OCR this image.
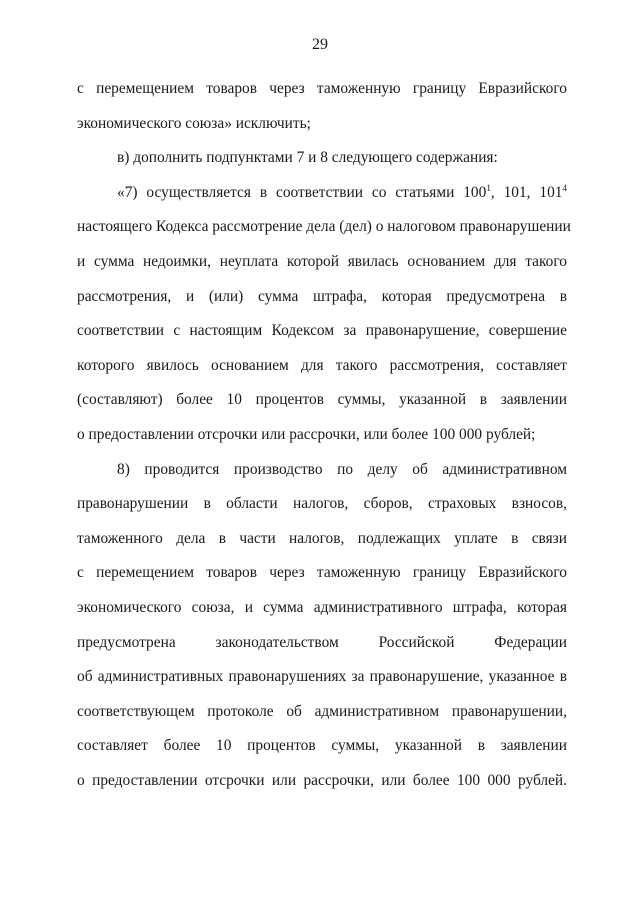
29
с перемещением товаров через таможенную границу Евразийского
экономического союза» исключить;
в) дополнить подпунктами 7 и 8 следующего содержания:
«7) осуществляется в соответствии со статьями $100^1$, 101, $101^4$
настоящего Кодекса рассмотрение дела (дел) о налоговом правонарушении
и сумма недоимки, неуплата которой явилась основанием для такого
рассмотрения, и (или) сумма штрафа, которая предусмотрена в
соответствии с настоящим Кодексом за правонарушение, совершение
которого явилось основанием для такого рассмотрения, составляет
(составляют) более 10 процентов суммы, указанной в заявлении
о предоставлении отсрочки или рассрочки, или более 100 000 рублей;
8) проводится производство по делу об административном
правонарушении в области налогов, сборов, страховых взносов,
таможенного дела в части налогов, подлежащих уплате в связи
с перемещением товаров через таможенную границу Евразийского
экономического союза, и сумма административного штрафа, которая
предусмотрена законодательством Российской Федерации
об административных правонарушениях за правонарушение, указанное в
соответствующем протоколе об административном правонарушении,
составляет более 10 процентов суммы, указанной в заявлении
о предоставлении отсрочки или рассрочки, или более 100 000 рублей.
